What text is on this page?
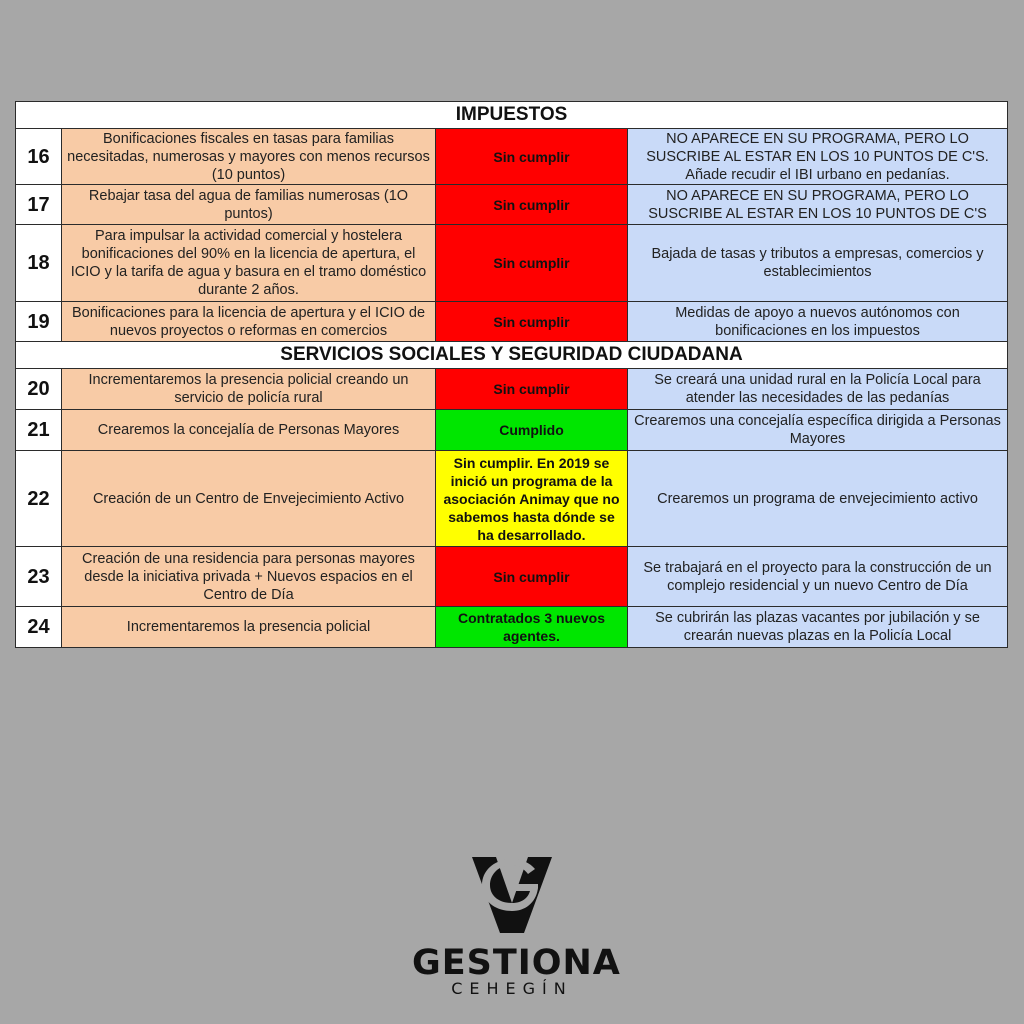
IMPUESTOS			
16	Bonificaciones fiscales en tasas para familias necesitadas, numerosas y mayores con menos recursos (10 puntos)	Sin cumplir	NO APARECE EN SU PROGRAMA, PERO LO SUSCRIBE AL ESTAR EN LOS 10 PUNTOS DE C'S. Añade recudir el IBI urbano en pedanías.
17	Rebajar tasa del agua de familias numerosas (1O puntos)	Sin cumplir	NO APARECE EN SU PROGRAMA, PERO LO SUSCRIBE AL ESTAR EN LOS 10 PUNTOS DE C'S
18	Para impulsar la actividad comercial y hostelera bonificaciones del 90% en la licencia de apertura, el ICIO y la tarifa de agua y basura en el tramo doméstico durante 2 años.	Sin cumplir	Bajada de tasas y tributos a empresas, comercios y establecimientos
19	Bonificaciones para la licencia de apertura y el ICIO de nuevos proyectos o reformas en comercios	Sin cumplir	Medidas de apoyo a nuevos autónomos con bonificaciones en los impuestos
SERVICIOS SOCIALES Y SEGURIDAD CIUDADANA			
20	Incrementaremos la presencia policial creando un servicio de policía rural	Sin cumplir	Se creará una unidad rural en la Policía Local para atender las necesidades de las pedanías
21	Crearemos la concejalía de Personas Mayores	Cumplido	Crearemos una concejalía específica dirigida a Personas Mayores
22	Creación de un Centro de Envejecimiento Activo	Sin cumplir. En 2019 se inició un programa de la asociación Animay que no sabemos hasta dónde se ha desarrollado.	Crearemos un programa de envejecimiento activo
23	Creación de una residencia para personas mayores desde la iniciativa privada + Nuevos espacios en el Centro de Día	Sin cumplir	Se trabajará en el proyecto para la construcción de un complejo residencial y un nuevo Centro de Día
24	Incrementaremos la presencia policial	Contratados 3 nuevos agentes.	Se cubrirán las plazas vacantes por jubilación y se crearán nuevas plazas en la Policía Local
GESTIONA
CEHEGÍN
